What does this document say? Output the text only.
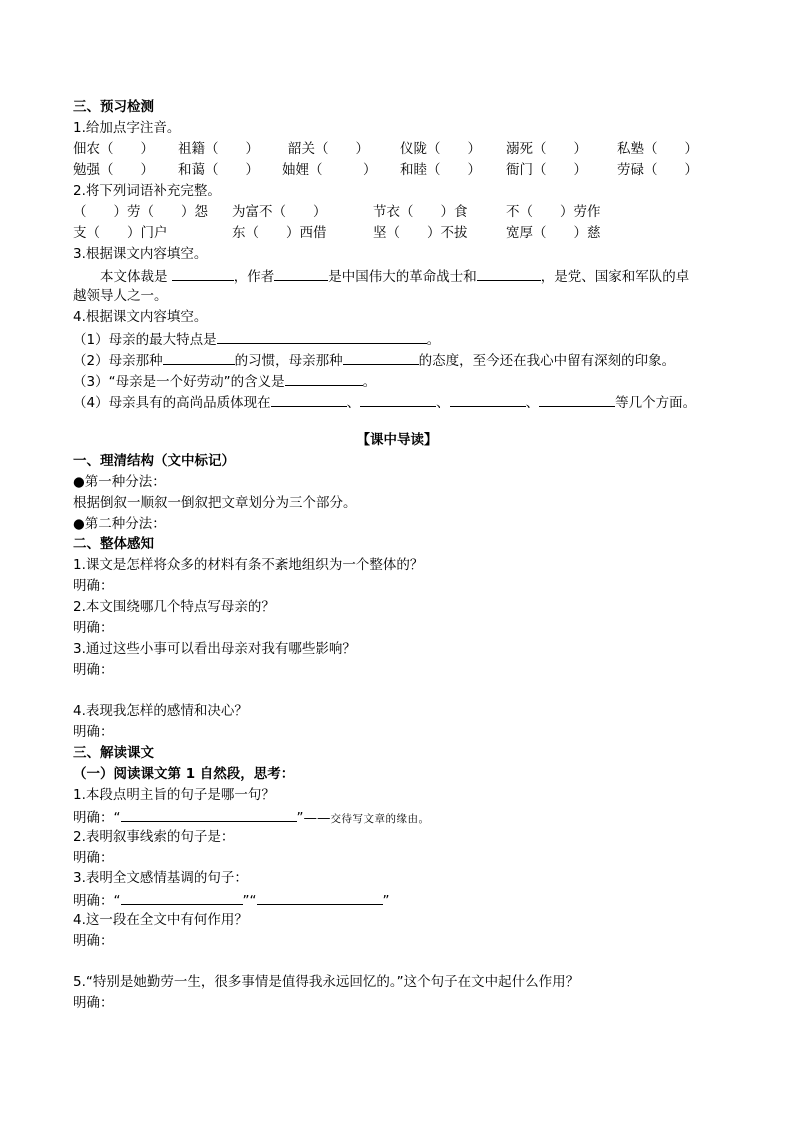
三、预习检测
1.给加点字注音。
佃农（　　） 祖籍（　　） 韶关（　　） 仪陇（　　） 溺死（　　） 私塾（　　）
勉强（　　） 和蔼（　　） 妯娌（　　　） 和睦（　　） 衙门（　　） 劳碌（　　）
2.将下列词语补充完整。
（　　）劳（　　）怨 为富不（　　）	节衣（　　）食	不（　　）劳作
支（　　）门户	东（　　）西借	坚（　　）不拔	宽厚（　　）慈
3.根据课文内容填空。
本文体裁是	，作者	是中国伟大的革命战士和	，是党、国家和军队的卓
越领导人之一。
4.根据课文内容填空。
（1）母亲的最大特点是	。
（2）母亲那种	的习惯，母亲那种	的态度，至今还在我心中留有深刻的印象。
（3）“母亲是一个好劳动”的含义是	。
（4）母亲具有的高尚品质体现在	、	、	、	等几个方面。
【课中导读】
一、理清结构（文中标记）
●第一种分法：
根据倒叙一顺叙一倒叙把文章划分为三个部分。
●第二种分法：
二、整体感知
1.课文是怎样将众多的材料有条不紊地组织为一个整体的？
明确：
2.本文围绕哪几个特点写母亲的？
明确：
3.通过这些小事可以看出母亲对我有哪些影响？
明确：
4.表现我怎样的感情和决心？
明确：
三、解读课文
（一）阅读课文第 1 自然段，思考：
1.本段点明主旨的句子是哪一句？
明确：“	”——交待写文章的缘由。
2.表明叙事线索的句子是：
明确：
3.表明全文感情基调的句子：
明确：“	”“	”
4.这一段在全文中有何作用？
明确：
5.“特别是她勤劳一生，很多事情是值得我永远回忆的。”这个句子在文中起什么作用？
明确：
